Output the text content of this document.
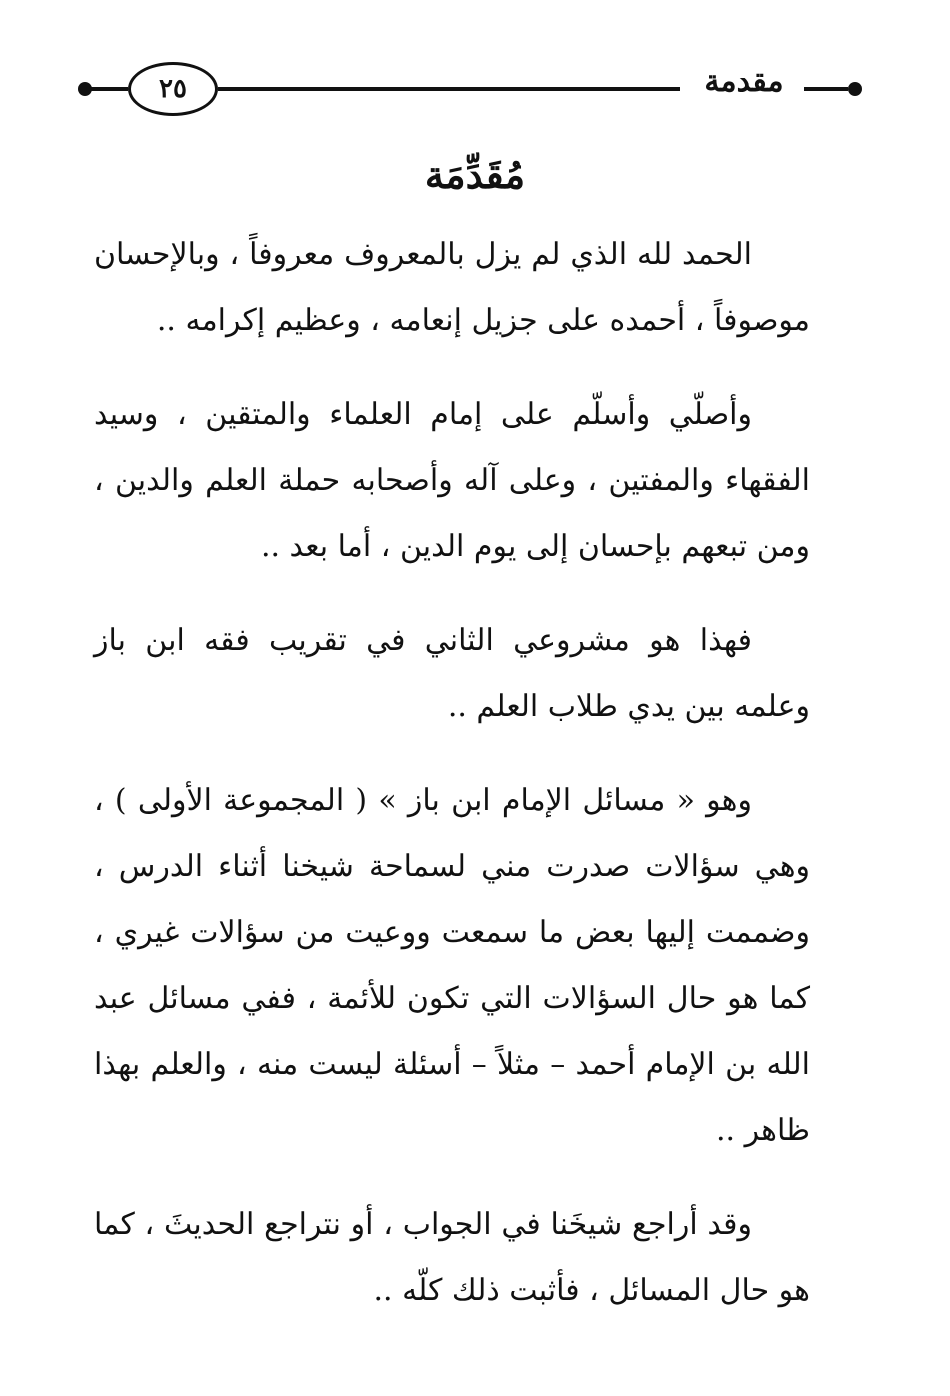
٢٥	مقدمة
مُقَدِّمَة

الحمد لله الذي لم يزل بالمعروف معروفاً ، وبالإحسان موصوفاً ، أحمده على جزيل إنعامه ، وعظيم إكرامه ..

وأصلّي وأسلّم على إمام العلماء والمتقين ، وسيد الفقهاء والمفتين ، وعلى آله وأصحابه حملة العلم والدين ، ومن تبعهم بإحسان إلى يوم الدين ، أما بعد ..

فهذا هو مشروعي الثاني في تقريب فقه ابن باز وعلمه بين يدي طلاب العلم ..

وهو « مسائل الإمام ابن باز » ( المجموعة الأولى ) ، وهي سؤالات صدرت مني لسماحة شيخنا أثناء الدرس ، وضممت إليها بعض ما سمعت ووعيت من سؤالات غيري ، كما هو حال السؤالات التي تكون للأئمة ، ففي مسائل عبد الله بن الإمام أحمد – مثلاً – أسئلة ليست منه ، والعلم بهذا ظاهر ..

وقد أراجع شيخَنا في الجواب ، أو نتراجع الحديثَ ، كما هو حال المسائل ، فأثبت ذلك كلّه ..
